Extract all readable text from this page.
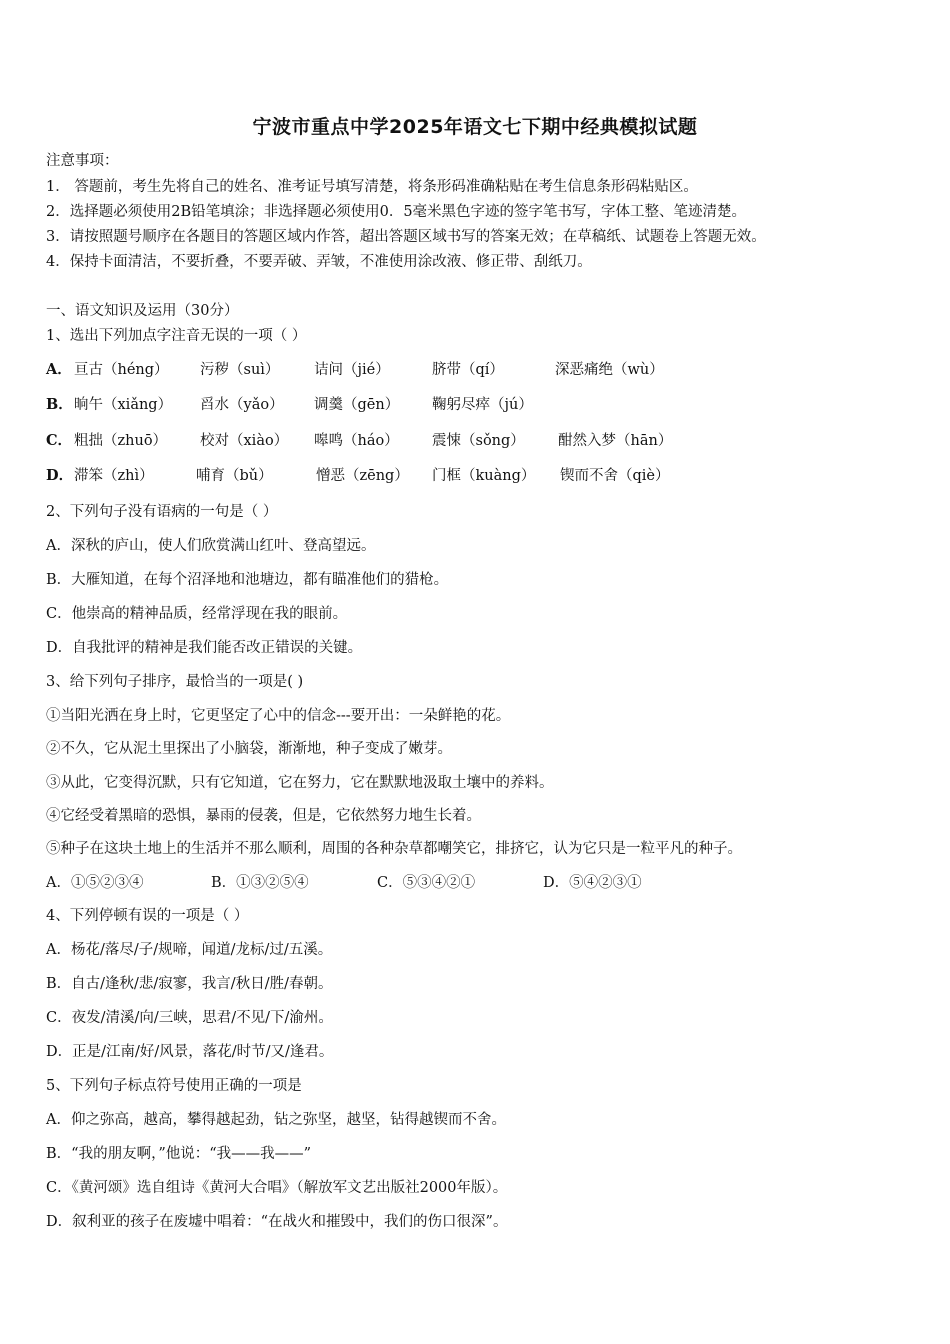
宁波市重点中学2025年语文七下期中经典模拟试题
注意事项：
1． 答题前，考生先将自己的姓名、准考证号填写清楚，将条形码准确粘贴在考生信息条形码粘贴区。
2．选择题必须使用2B铅笔填涂；非选择题必须使用0．5毫米黑色字迹的签字笔书写，字体工整、笔迹清楚。
3．请按照题号顺序在各题目的答题区域内作答，超出答题区域书写的答案无效；在草稿纸、试题卷上答题无效。
4．保持卡面清洁，不要折叠，不要弄破、弄皱，不准使用涂改液、修正带、刮纸刀。
一、语文知识及运用（30分）
1、选出下列加点字注音无误的一项（ ）
A． 亘古（héng） 污秽（suì） 诘问（jié）	脐带（qí）	深恶痛绝（wù）
B．晌午（xiǎng） 舀水（yǎo） 调羹（gēn） 鞠躬尽瘁（jú）
C． 粗拙（zhuō） 校对（xiào） 嗥鸣（háo） 震悚（sǒng） 酣然入梦（hān）
D．滞笨（zhì）	哺育（bǔ）	憎恶（zēng） 门框（kuàng） 锲而不舍（qiè）
2、下列句子没有语病的一句是（ ）
A．深秋的庐山，使人们欣赏满山红叶、登高望远。
B．大雁知道，在每个沼泽地和池塘边，都有瞄准他们的猎枪。
C．他崇高的精神品质，经常浮现在我的眼前。
D．自我批评的精神是我们能否改正错误的关键。
3、给下列句子排序，最恰当的一项是( )
①当阳光洒在身上时，它更坚定了心中的信念---要开出：一朵鲜艳的花。
②不久，它从泥土里探出了小脑袋，渐渐地，种子变成了嫩芽。
③从此，它变得沉默，只有它知道，它在努力，它在默默地汲取土壤中的养料。
④它经受着黑暗的恐惧，暴雨的侵袭，但是，它依然努力地生长着。
⑤种子在这块土地上的生活并不那么顺利，周围的各种杂草都嘲笑它，排挤它，认为它只是一粒平凡的种子。
A．①⑤②③④	B．①③②⑤④	C．⑤③④②①	D．⑤④②③①
4、下列停顿有误的一项是（ ）
A．杨花/落尽/子/规啼，闻道/龙标/过/五溪。
B．自古/逢秋/悲/寂寥，我言/秋日/胜/春朝。
C．夜发/清溪/向/三峡，思君/不见/下/渝州。
D．正是/江南/好/风景，落花/时节/又/逢君。
5、下列句子标点符号使用正确的一项是
A．仰之弥高，越高，攀得越起劲，钻之弥坚，越坚，钻得越锲而不舍。
B．“我的朋友啊，”他说：“我——我——”
C．《黄河颂》选自组诗《黄河大合唱》（解放军文艺出版社2000年版）。
D．叙利亚的孩子在废墟中唱着：“在战火和摧毁中，我们的伤口很深”。
